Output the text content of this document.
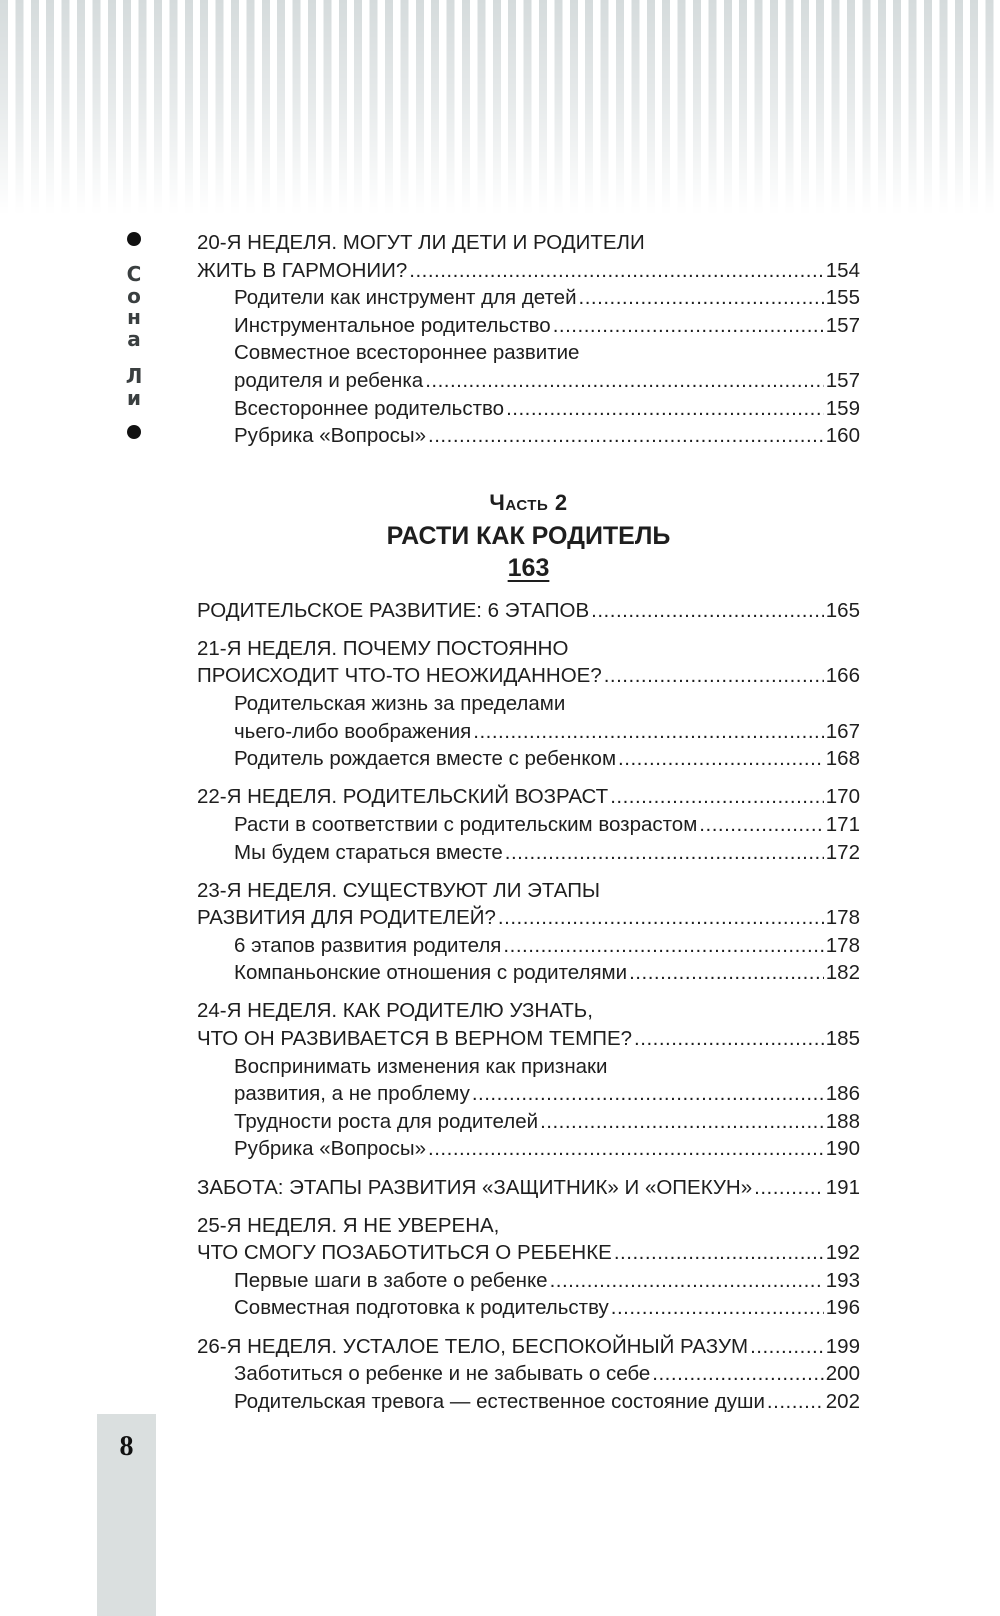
С
о
н
а
Л
и
8
20-Я НЕДЕЛЯ. МОГУТ ЛИ ДЕТИ И РОДИТЕЛИ
ЖИТЬ В ГАРМОНИИ? .....	154
Родители как инструмент для детей .....	155
Инструментальное родительство .....	157
Совместное всестороннее развитие
родителя и ребенка .....	157
Всестороннее родительство .....	159
Рубрика «Вопросы» .....	160
Часть 2
РАСТИ КАК РОДИТЕЛЬ
163
РОДИТЕЛЬСКОЕ РАЗВИТИЕ: 6 ЭТАПОВ .....	165
21-Я НЕДЕЛЯ. ПОЧЕМУ ПОСТОЯННО
ПРОИСХОДИТ ЧТО-ТО НЕОЖИДАННОЕ? .....	166
Родительская жизнь за пределами
чьего-либо воображения .....	167
Родитель рождается вместе с ребенком .....	168
22-Я НЕДЕЛЯ. РОДИТЕЛЬСКИЙ ВОЗРАСТ .....	170
Расти в соответствии с родительским возрастом .....	171
Мы будем стараться вместе .....	172
23-Я НЕДЕЛЯ. СУЩЕСТВУЮТ ЛИ ЭТАПЫ
РАЗВИТИЯ ДЛЯ РОДИТЕЛЕЙ? .....	178
6 этапов развития родителя .....	178
Компаньонские отношения с родителями .....	182
24-Я НЕДЕЛЯ. КАК РОДИТЕЛЮ УЗНАТЬ,
ЧТО ОН РАЗВИВАЕТСЯ В ВЕРНОМ ТЕМПЕ? .....	185
Воспринимать изменения как признаки
развития, а не проблему .....	186
Трудности роста для родителей .....	188
Рубрика «Вопросы» .....	190
ЗАБОТА: ЭТАПЫ РАЗВИТИЯ «ЗАЩИТНИК» И «ОПЕКУН» .....	191
25-Я НЕДЕЛЯ. Я НЕ УВЕРЕНА,
ЧТО СМОГУ ПОЗАБОТИТЬСЯ О РЕБЕНКЕ .....	192
Первые шаги в заботе о ребенке .....	193
Совместная подготовка к родительству .....	196
26-Я НЕДЕЛЯ. УСТАЛОЕ ТЕЛО, БЕСПОКОЙНЫЙ РАЗУМ .....	199
Заботиться о ребенке и не забывать о себе .....	200
Родительская тревога — естественное состояние души .....	202
